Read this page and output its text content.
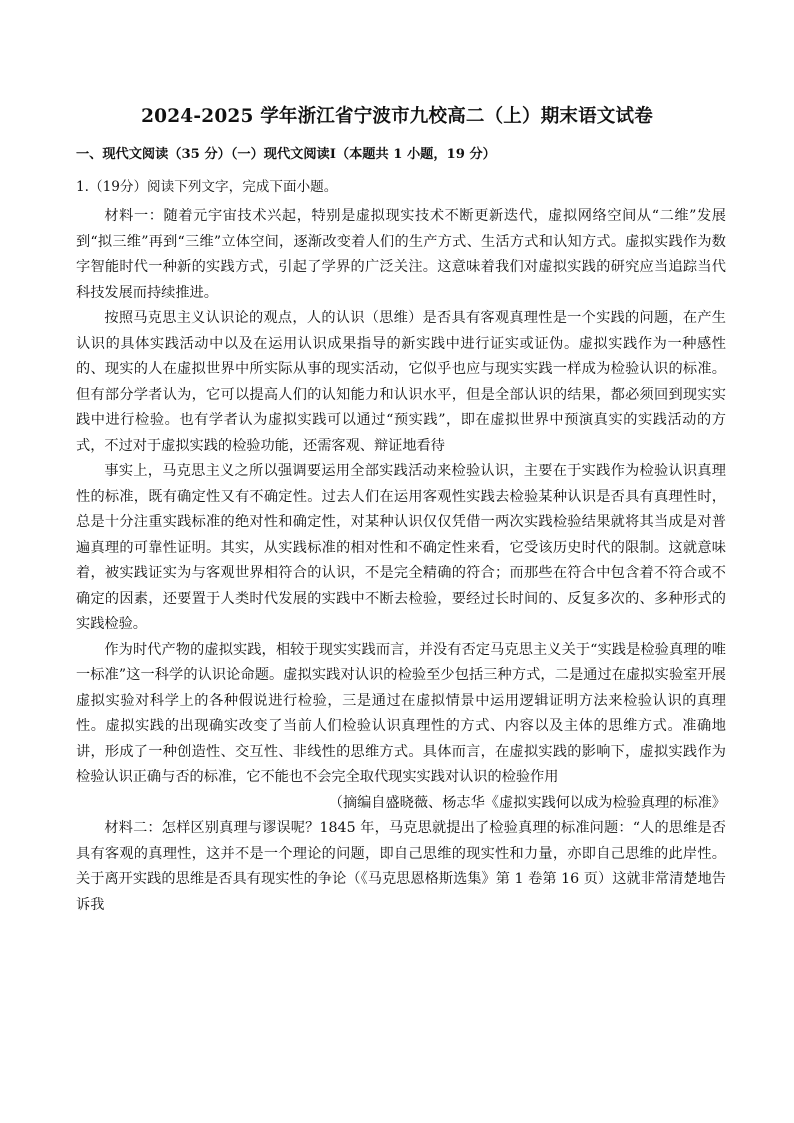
2024-2025 学年浙江省宁波市九校高二（上）期末语文试卷
一、现代文阅读（35 分）（一）现代文阅读Ⅰ（本题共 1 小题，19 分）
1.（19分）阅读下列文字，完成下面小题。

材料一：随着元宇宙技术兴起，特别是虚拟现实技术不断更新迭代，虚拟网络空间从“二维”发展到“拟三维”再到“三维”立体空间，逐渐改变着人们的生产方式、生活方式和认知方式。虚拟实践作为数字智能时代一种新的实践方式，引起了学界的广泛关注。这意味着我们对虚拟实践的研究应当追踪当代科技发展而持续推进。

按照马克思主义认识论的观点，人的认识（思维）是否具有客观真理性是一个实践的问题，在产生认识的具体实践活动中以及在运用认识成果指导的新实践中进行证实或证伪。虚拟实践作为一种感性的、现实的人在虚拟世界中所实际从事的现实活动，它似乎也应与现实实践一样成为检验认识的标准。但有部分学者认为，它可以提高人们的认知能力和认识水平，但是全部认识的结果，都必须回到现实实践中进行检验。也有学者认为虚拟实践可以通过“预实践”，即在虚拟世界中预演真实的实践活动的方式，不过对于虚拟实践的检验功能，还需客观、辩证地看待

事实上，马克思主义之所以强调要运用全部实践活动来检验认识，主要在于实践作为检验认识真理性的标准，既有确定性又有不确定性。过去人们在运用客观性实践去检验某种认识是否具有真理性时，总是十分注重实践标准的绝对性和确定性，对某种认识仅仅凭借一两次实践检验结果就将其当成是对普遍真理的可靠性证明。其实，从实践标准的相对性和不确定性来看，它受该历史时代的限制。这就意味着，被实践证实为与客观世界相符合的认识，不是完全精确的符合；而那些在符合中包含着不符合或不确定的因素，还要置于人类时代发展的实践中不断去检验，要经过长时间的、反复多次的、多种形式的实践检验。

作为时代产物的虚拟实践，相较于现实实践而言，并没有否定马克思主义关于“实践是检验真理的唯一标准”这一科学的认识论命题。虚拟实践对认识的检验至少包括三种方式，二是通过在虚拟实验室开展虚拟实验对科学上的各种假说进行检验，三是通过在虚拟情景中运用逻辑证明方法来检验认识的真理性。虚拟实践的出现确实改变了当前人们检验认识真理性的方式、内容以及主体的思维方式。准确地讲，形成了一种创造性、交互性、非线性的思维方式。具体而言，在虚拟实践的影响下，虚拟实践作为检验认识正确与否的标准，它不能也不会完全取代现实实践对认识的检验作用

（摘编自盛晓薇、杨志华《虚拟实践何以成为检验真理的标准》

材料二：怎样区别真理与谬误呢？1845 年，马克思就提出了检验真理的标准问题：“人的思维是否具有客观的真理性，这并不是一个理论的问题，即自己思维的现实性和力量，亦即自己思维的此岸性。关于离开实践的思维是否具有现实性的争论（《马克思恩格斯选集》第 1 卷第 16 页）这就非常清楚地告诉我
